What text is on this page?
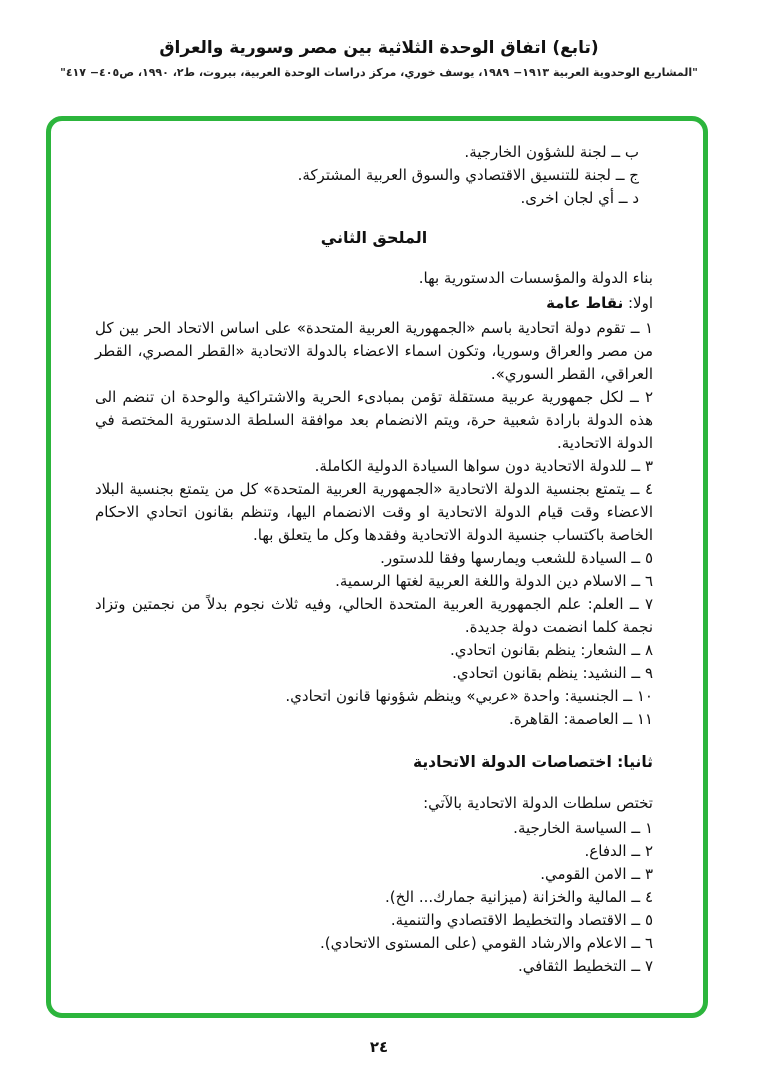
(تابع) اتفاق الوحدة الثلاثية بين مصر وسورية والعراق

"المشاريع الوحدوية العربية ١٩١٣− ١٩٨٩، يوسف خوري، مركز دراسات الوحدة العربية، بيروت، ط٢، ١٩٩٠، ص٤٠٥− ٤١٧"

ب ــ لجنة للشؤون الخارجية.

ج ــ لجنة للتنسيق الاقتصادي والسوق العربية المشتركة.

د ــ أي لجان اخرى.

الملحق الثاني

بناء الدولة والمؤسسات الدستورية بها.

اولا: نقاط عامة

١ ــ تقوم دولة اتحادية باسم «الجمهورية العربية المتحدة» على اساس الاتحاد الحر بين كل من مصر والعراق وسوريا، وتكون اسماء الاعضاء بالدولة الاتحادية «القطر المصري، القطر العراقي، القطر السوري».

٢ ــ لكل جمهورية عربية مستقلة تؤمن بمبادىء الحرية والاشتراكية والوحدة ان تنضم الى هذه الدولة بارادة شعبية حرة، ويتم الانضمام بعد موافقة السلطة الدستورية المختصة في الدولة الاتحادية.

٣ ــ للدولة الاتحادية دون سواها السيادة الدولية الكاملة.

٤ ــ يتمتع بجنسية الدولة الاتحادية «الجمهورية العربية المتحدة» كل من يتمتع بجنسية البلاد الاعضاء وقت قيام الدولة الاتحادية او وقت الانضمام اليها، وتنظم بقانون اتحادي الاحكام الخاصة باكتساب جنسية الدولة الاتحادية وفقدها وكل ما يتعلق بها.

٥ ــ السيادة للشعب ويمارسها وفقا للدستور.

٦ ــ الاسلام دين الدولة واللغة العربية لغتها الرسمية.

٧ ــ العلم: علم الجمهورية العربية المتحدة الحالي، وفيه ثلاث نجوم بدلاً من نجمتين وتزاد نجمة كلما انضمت دولة جديدة.

٨ ــ الشعار: ينظم بقانون اتحادي.

٩ ــ النشيد: ينظم بقانون اتحادي.

١٠ ــ الجنسية: واحدة «عربي» وينظم شؤونها قانون اتحادي.

١١ ــ العاصمة: القاهرة.

ثانيا: اختصاصات الدولة الاتحادية

تختص سلطات الدولة الاتحادية بالآتي:

١ ــ السياسة الخارجية.

٢ ــ الدفاع.

٣ ــ الامن القومي.

٤ ــ المالية والخزانة (ميزانية جمارك... الخ).

٥ ــ الاقتصاد والتخطيط الاقتصادي والتنمية.

٦ ــ الاعلام والارشاد القومي (على المستوى الاتحادي).

٧ ــ التخطيط الثقافي.

٢٤
